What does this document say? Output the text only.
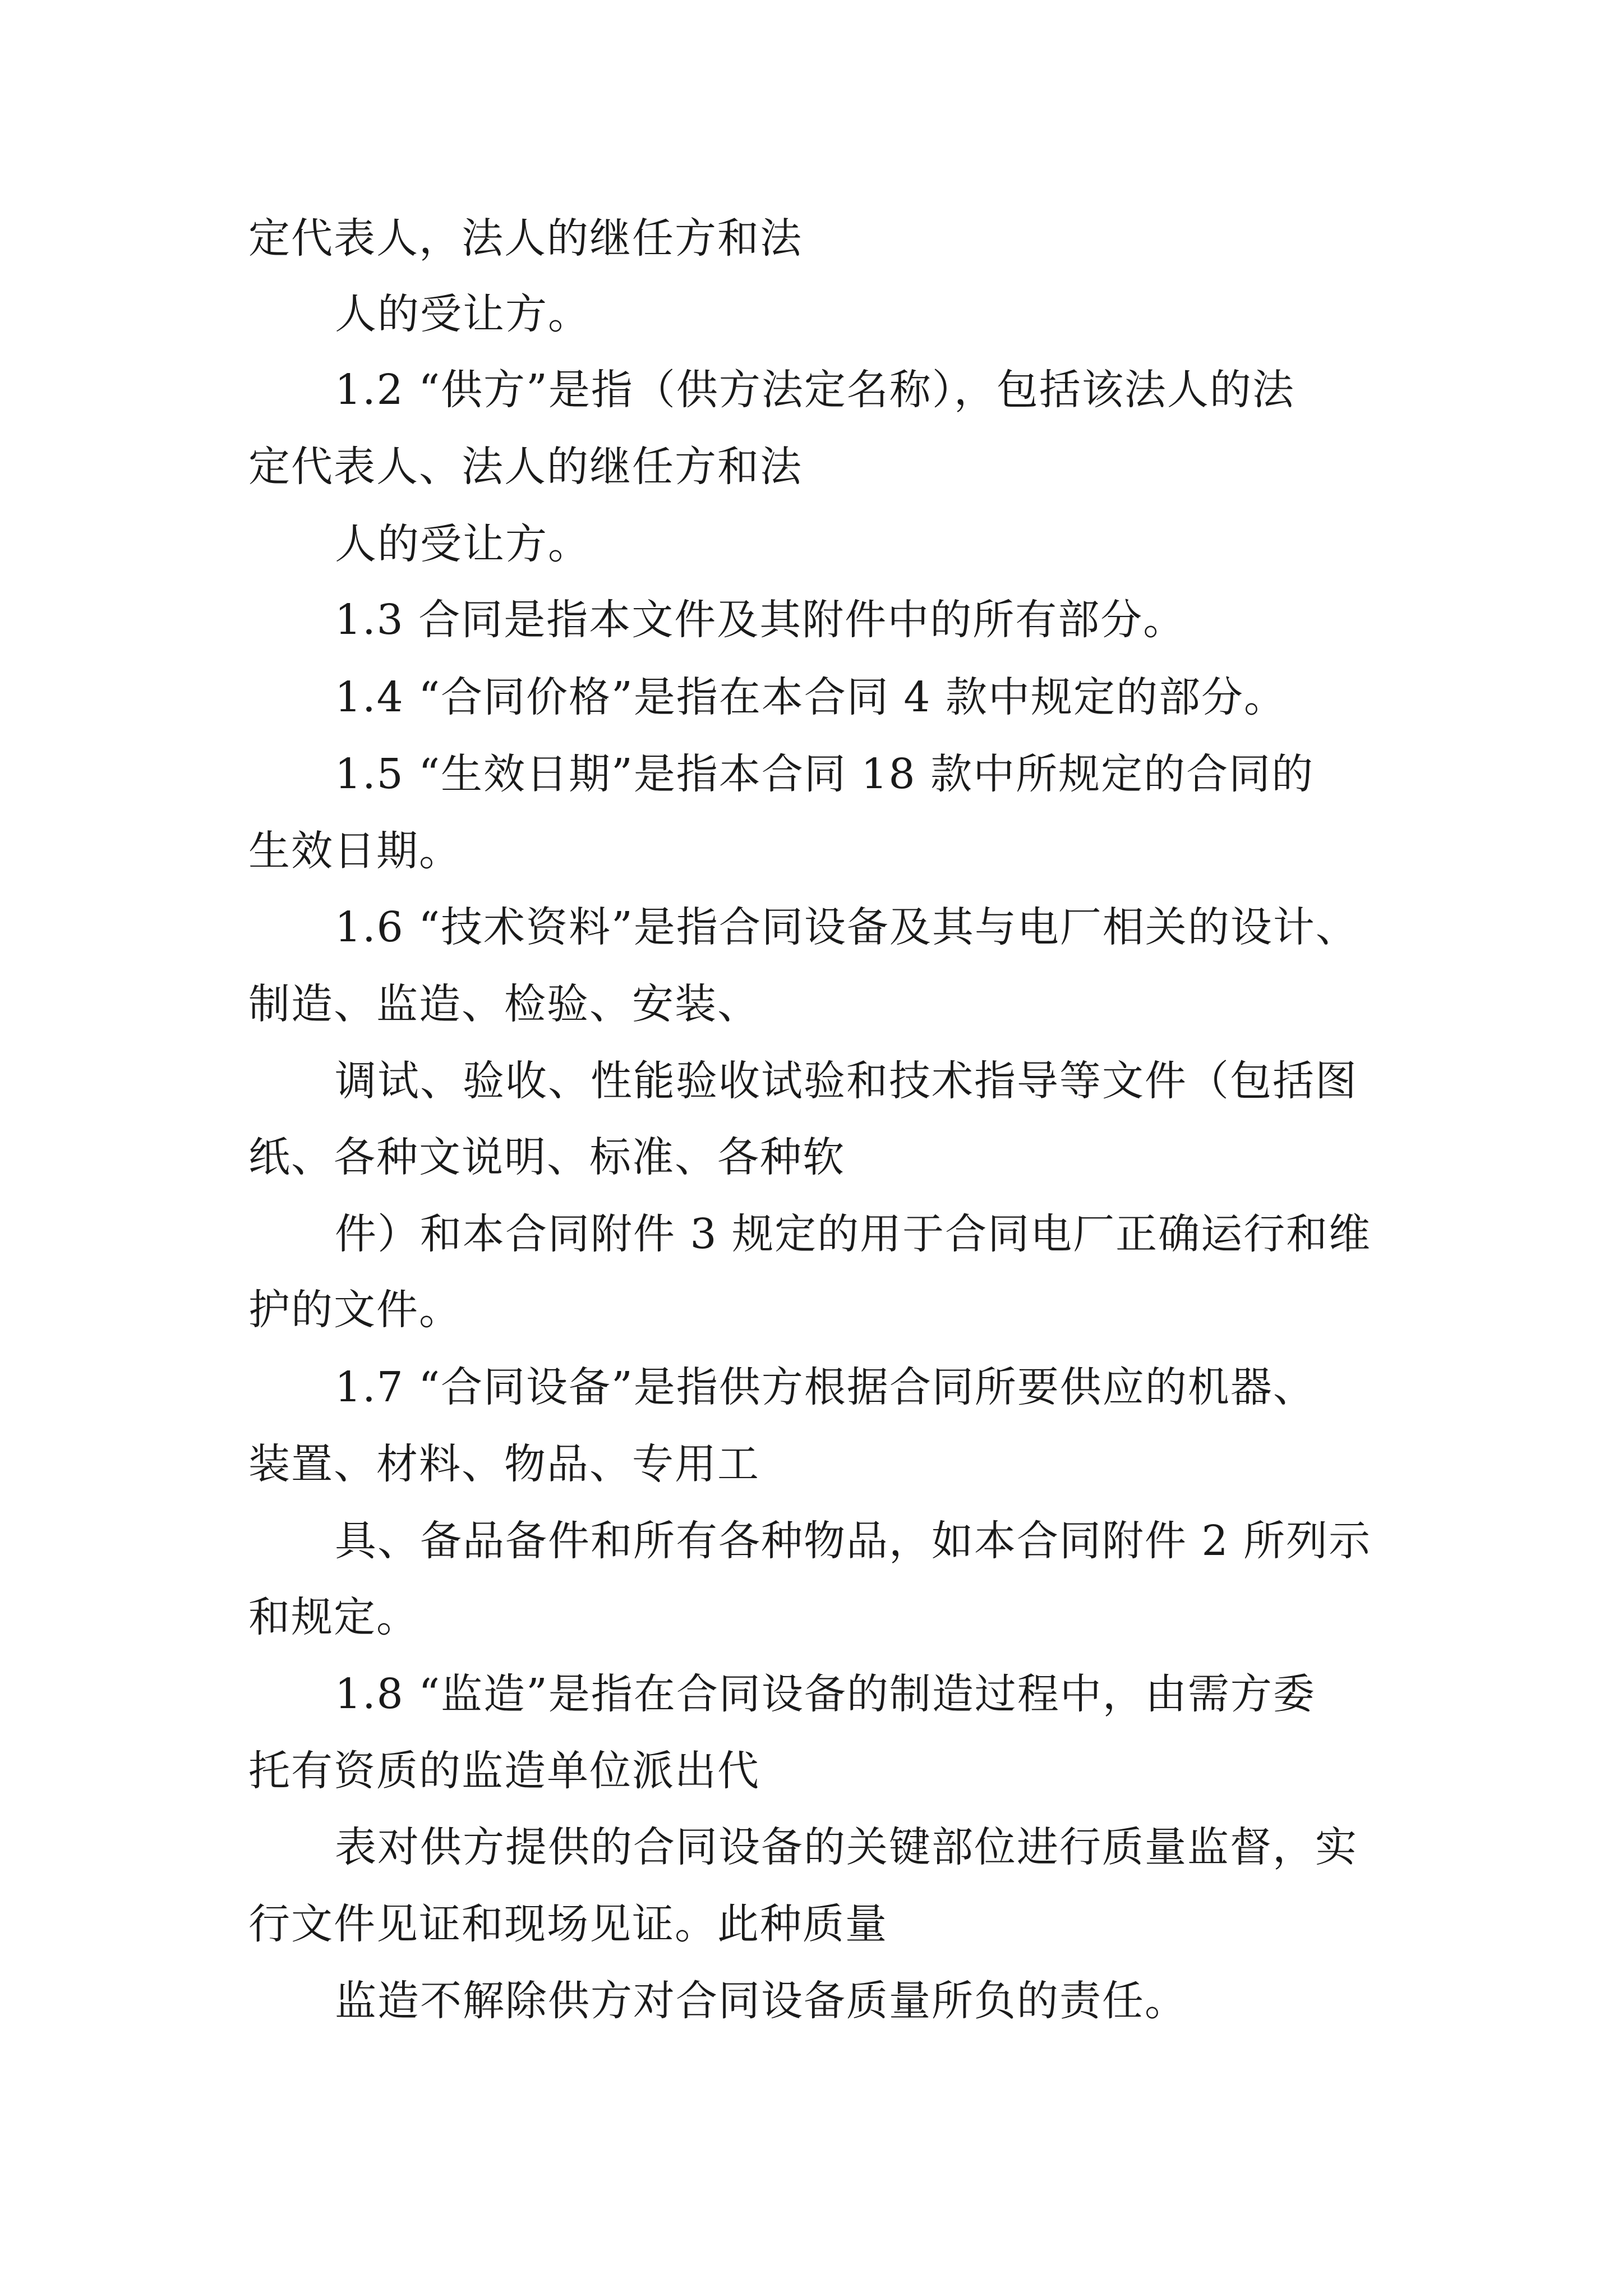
定代表人，法人的继任方和法
人的受让方。
1.2 “供方”是指（供方法定名称），包括该法人的法
定代表人、法人的继任方和法
人的受让方。
1.3 合同是指本文件及其附件中的所有部分。
1.4 “合同价格”是指在本合同 4 款中规定的部分。
1.5 “生效日期”是指本合同 18 款中所规定的合同的
生效日期。
1.6 “技术资料”是指合同设备及其与电厂相关的设计、
制造、监造、检验、安装、
调试、验收、性能验收试验和技术指导等文件（包括图
纸、各种文说明、标准、各种软
件）和本合同附件 3 规定的用于合同电厂正确运行和维
护的文件。
1.7 “合同设备”是指供方根据合同所要供应的机器、
装置、材料、物品、专用工
具、备品备件和所有各种物品，如本合同附件 2 所列示
和规定。
1.8 “监造”是指在合同设备的制造过程中，由需方委
托有资质的监造单位派出代
表对供方提供的合同设备的关键部位进行质量监督，实
行文件见证和现场见证。此种质量
监造不解除供方对合同设备质量所负的责任。
